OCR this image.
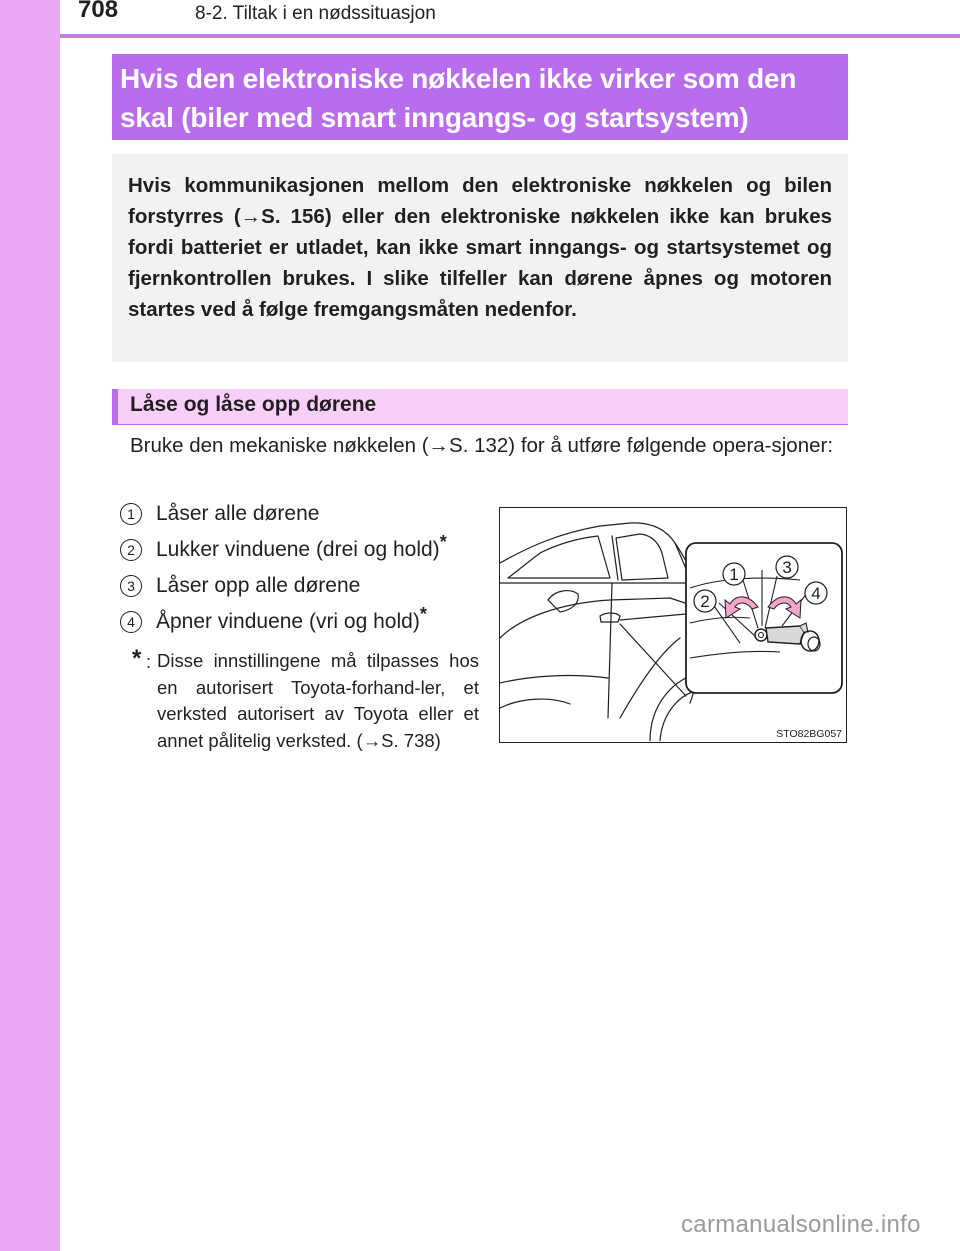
708	8-2. Tiltak i en nødssituasjon
Hvis den elektroniske nøkkelen ikke virker som den
skal (biler med smart inngangs- og startsystem)

Hvis kommunikasjonen mellom den elektroniske nøkkelen og bilen forstyrres (→S. 156) eller den elektroniske nøkkelen ikke kan brukes fordi batteriet er utladet, kan ikke smart inngangs- og startsystemet og fjernkontrollen brukes. I slike tilfeller kan dørene åpnes og motoren startes ved å følge fremgangsmåten nedenfor.

Låse og låse opp dørene

Bruke den mekaniske nøkkelen (→S. 132) for å utføre følgende opera-sjoner:

1	Låser alle dørene
2	Lukker vinduene (drei og hold)*
3	Låser opp alle dørene
4	Åpner vinduene (vri og hold)*
* : Disse innstillingene må tilpasses hos en autorisert Toyota-forhand-ler, et verksted autorisert av Toyota eller et annet pålitelig verksted. (→S. 738)

1
2
3
4
STO82BG057
carmanualsonline.info
